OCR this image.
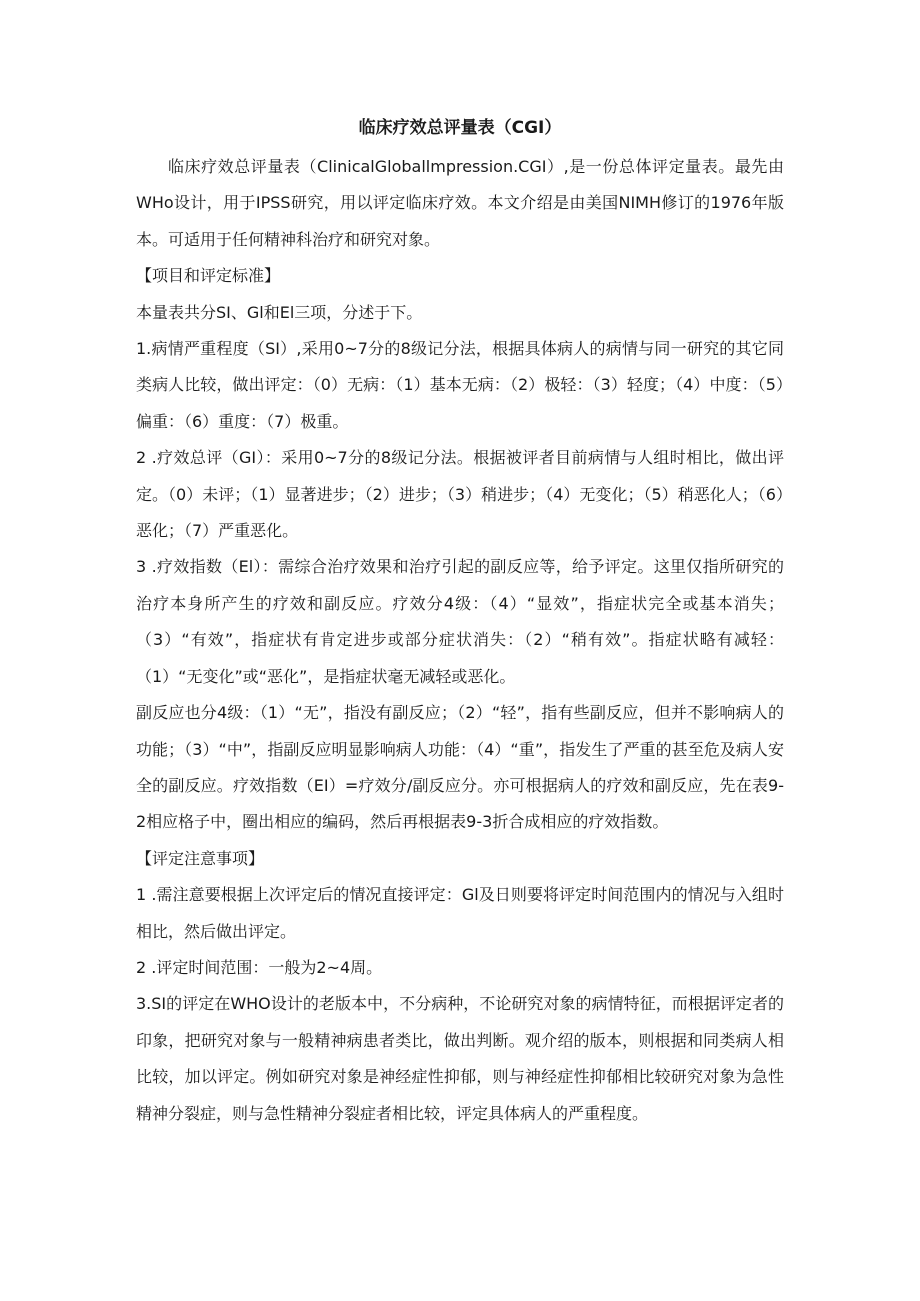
临床疗效总评量表（CGI）

临床疗效总评量表（ClinicalGloballmpression.CGI）,是一份总体评定量表。最先由WHo设计，用于IPSS研究，用以评定临床疗效。本文介绍是由美国NIMH修订的1976年版本。可适用于任何精神科治疗和研究对象。

【项目和评定标准】

本量表共分SI、Gl和El三项，分述于下。

1.病情严重程度（SI）,采用0~7分的8级记分法，根据具体病人的病情与同一研究的其它同类病人比较，做出评定：（0）无病：（1）基本无病：（2）极轻：（3）轻度；（4）中度：（5）偏重：（6）重度：（7）极重。

2 .疗效总评（GI）：采用0~7分的8级记分法。根据被评者目前病情与人组时相比，做出评定。（0）未评；（1）显著进步；（2）进步；（3）稍进步；（4）无变化；（5）稍恶化人；（6）恶化；（7）严重恶化。

3 .疗效指数（El）：需综合治疗效果和治疗引起的副反应等，给予评定。这里仅指所研究的治疗本身所产生的疗效和副反应。疗效分4级：（4）“显效”，指症状完全或基本消失；（3）“有效”，指症状有肯定进步或部分症状消失：（2）“稍有效”。指症状略有减轻：（1）“无变化”或“恶化”，是指症状毫无减轻或恶化。

副反应也分4级：（1）“无”，指没有副反应；（2）“轻”，指有些副反应，但并不影响病人的功能；（3）“中”，指副反应明显影响病人功能：（4）“重”，指发生了严重的甚至危及病人安全的副反应。疗效指数（EI）=疗效分/副反应分。亦可根据病人的疗效和副反应，先在表9-2相应格子中，圈出相应的编码，然后再根据表9-3折合成相应的疗效指数。

【评定注意事项】

1 .需注意要根据上次评定后的情况直接评定：Gl及日则要将评定时间范围内的情况与入组时相比，然后做出评定。

2 .评定时间范围：一般为2~4周。

3.SI的评定在WHO设计的老版本中，不分病种，不论研究对象的病情特征，而根据评定者的印象，把研究对象与一般精神病患者类比，做出判断。观介绍的版本，则根据和同类病人相比较，加以评定。例如研究对象是神经症性抑郁，则与神经症性抑郁相比较研究对象为急性精神分裂症，则与急性精神分裂症者相比较，评定具体病人的严重程度。
